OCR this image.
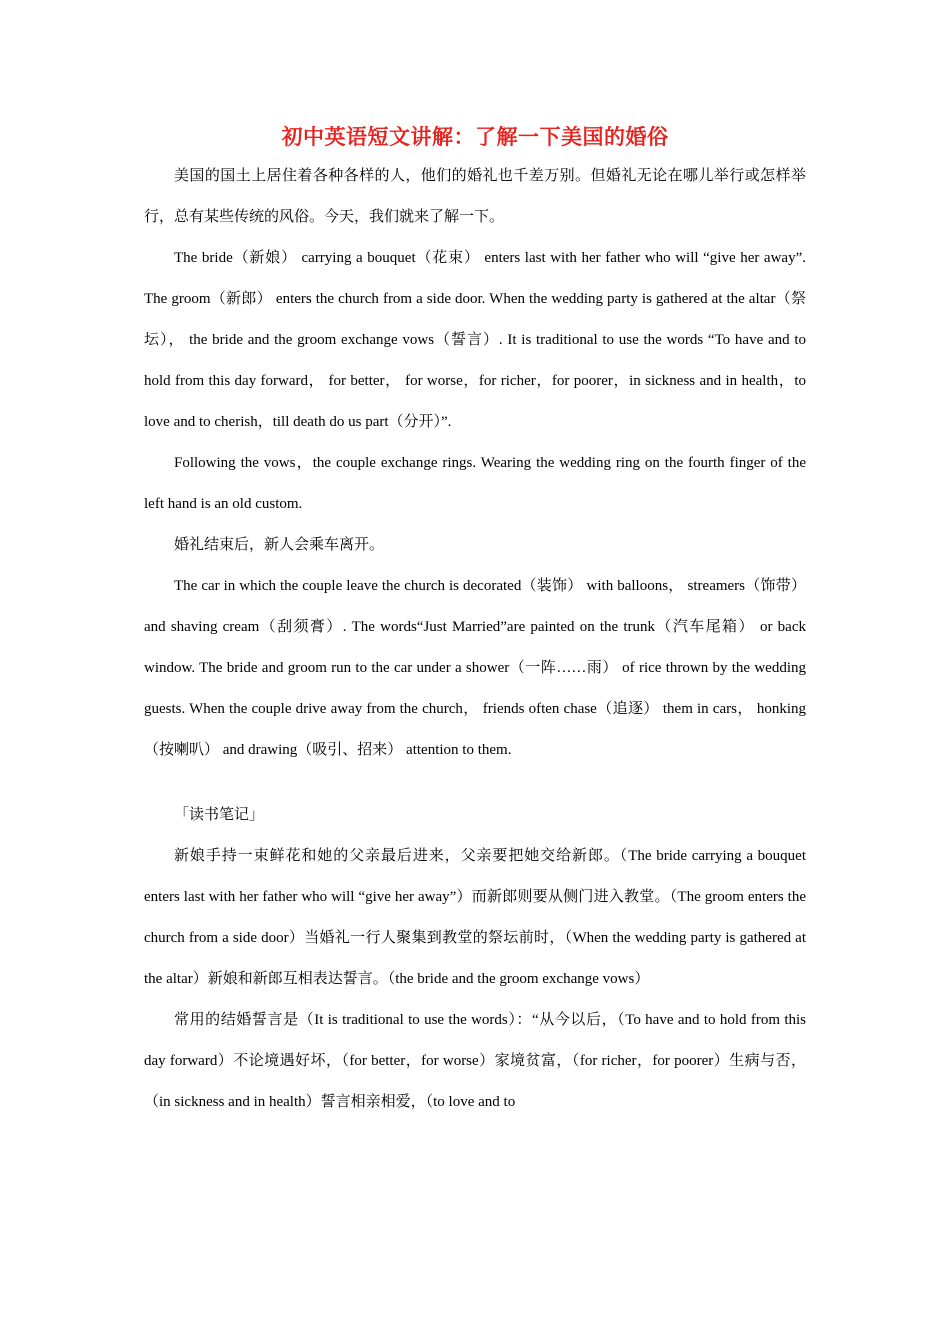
初中英语短文讲解：了解一下美国的婚俗

美国的国土上居住着各种各样的人，他们的婚礼也千差万别。但婚礼无论在哪儿举行或怎样举行，总有某些传统的风俗。今天，我们就来了解一下。

The bride（新娘） carrying a bouquet（花束） enters last with her father who will “give her away”. The groom（新郎） enters the church from a side door. When the wedding party is gathered at the altar（祭坛）， the bride and the groom exchange vows（誓言）. It is traditional to use the words “To have and to hold from this day forward， for better， for worse，for richer，for poorer，in sickness and in health，to love and to cherish，till death do us part（分开）”.

Following the vows，the couple exchange rings. Wearing the wedding ring on the fourth finger of the left hand is an old custom.

婚礼结束后，新人会乘车离开。

The car in which the couple leave the church is decorated（装饰） with balloons， streamers（饰带） and shaving cream（刮须膏）. The words“Just Married”are painted on the trunk（汽车尾箱） or back window. The bride and groom run to the car under a shower（一阵……雨） of rice thrown by the wedding guests. When the couple drive away from the church， friends often chase（追逐） them in cars， honking（按喇叭） and drawing（吸引、招来） attention to them.

「读书笔记」

新娘手持一束鲜花和她的父亲最后进来，父亲要把她交给新郎。（The bride carrying a bouquet enters last with her father who will “give her away”）而新郎则要从侧门进入教堂。（The groom enters the church from a side door）当婚礼一行人聚集到教堂的祭坛前时，（When the wedding party is gathered at the altar）新娘和新郎互相表达誓言。（the bride and the groom exchange vows）

常用的结婚誓言是（It is traditional to use the words）：“从今以后，（To have and to hold from this day forward）不论境遇好坏，（for better，for worse）家境贫富，（for richer，for poorer）生病与否，（in sickness and in health）誓言相亲相爱，（to love and to
